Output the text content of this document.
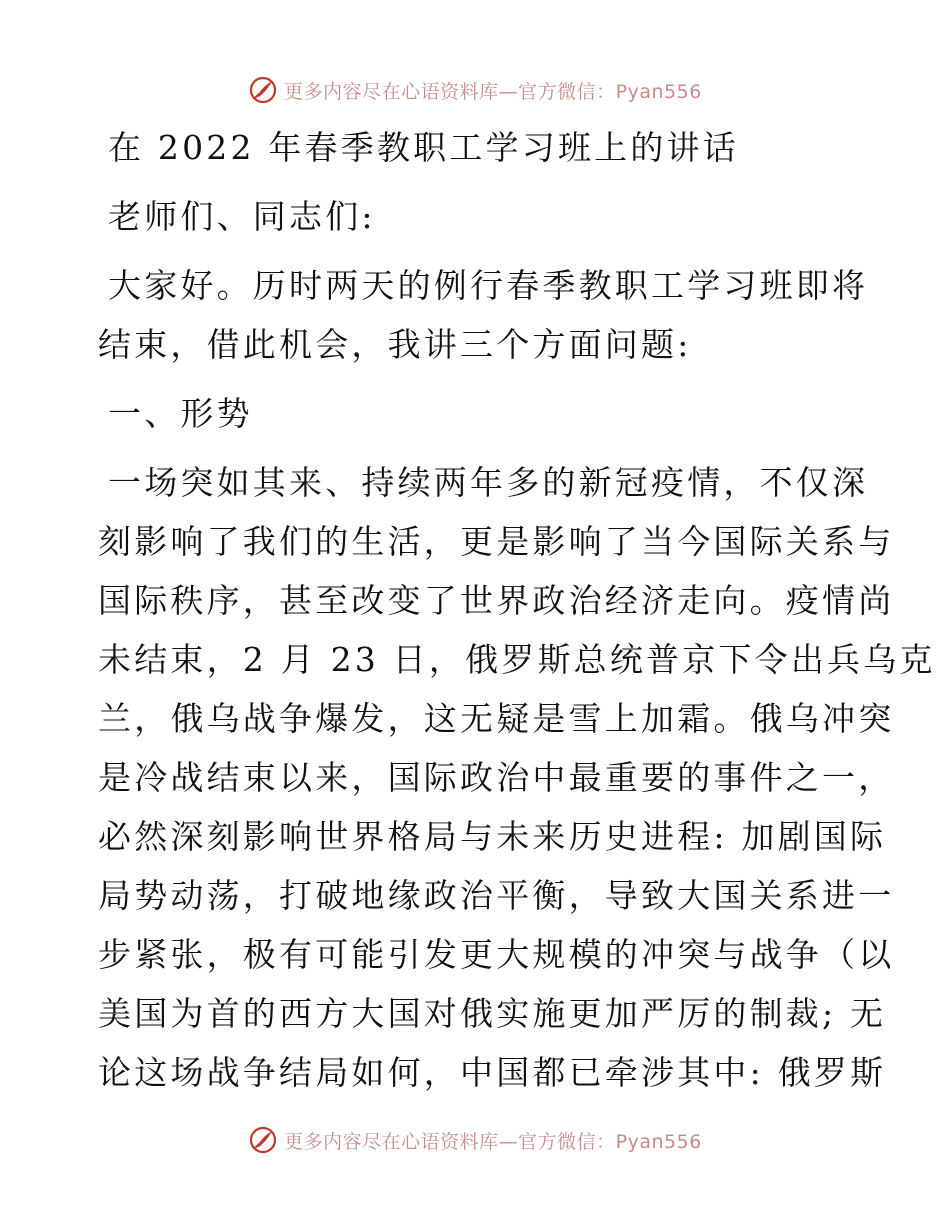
更多内容尽在心语资料库—官方微信：Pyan556
在 2022 年春季教职工学习班上的讲话
老师们、同志们:
大家好。历时两天的例行春季教职工学习班即将
结束，借此机会，我讲三个方面问题:
一、形势
一场突如其来、持续两年多的新冠疫情，不仅深
刻影响了我们的生活，更是影响了当今国际关系与
国际秩序，甚至改变了世界政治经济走向。疫情尚
未结束，2 月 23 日，俄罗斯总统普京下令出兵乌克
兰，俄乌战争爆发，这无疑是雪上加霜。俄乌冲突
是冷战结束以来，国际政治中最重要的事件之一，
必然深刻影响世界格局与未来历史进程: 加剧国际
局势动荡，打破地缘政治平衡，导致大国关系进一
步紧张，极有可能引发更大规模的冲突与战争（以
美国为首的西方大国对俄实施更加严厉的制裁; 无
论这场战争结局如何，中国都已牵涉其中: 俄罗斯
更多内容尽在心语资料库—官方微信：Pyan556
